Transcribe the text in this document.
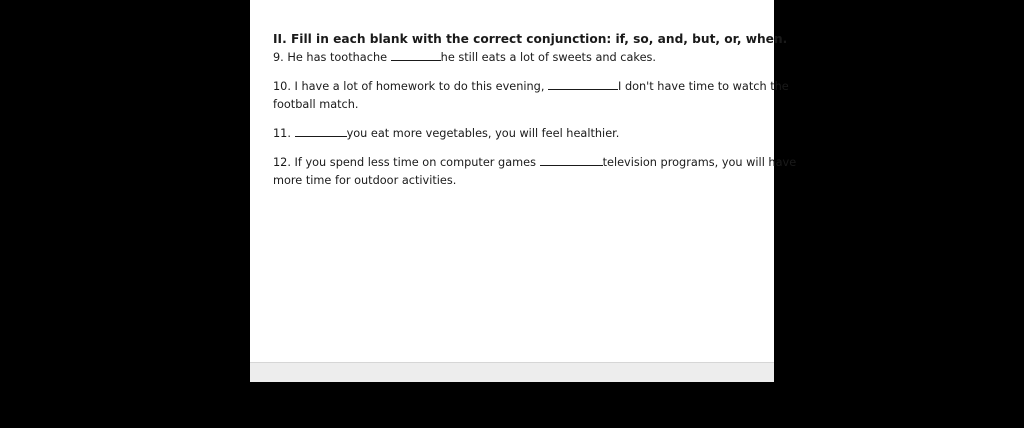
II. Fill in each blank with the correct conjunction: if, so, and, but, or, when.
9. He has toothache	he still eats a lot of sweets and cakes.
10. I have a lot of homework to do this evening,	I don't have time to watch the
football match.
11.	you eat more vegetables, you will feel healthier.
12. If you spend less time on computer games	television programs, you will have
more time for outdoor activities.
